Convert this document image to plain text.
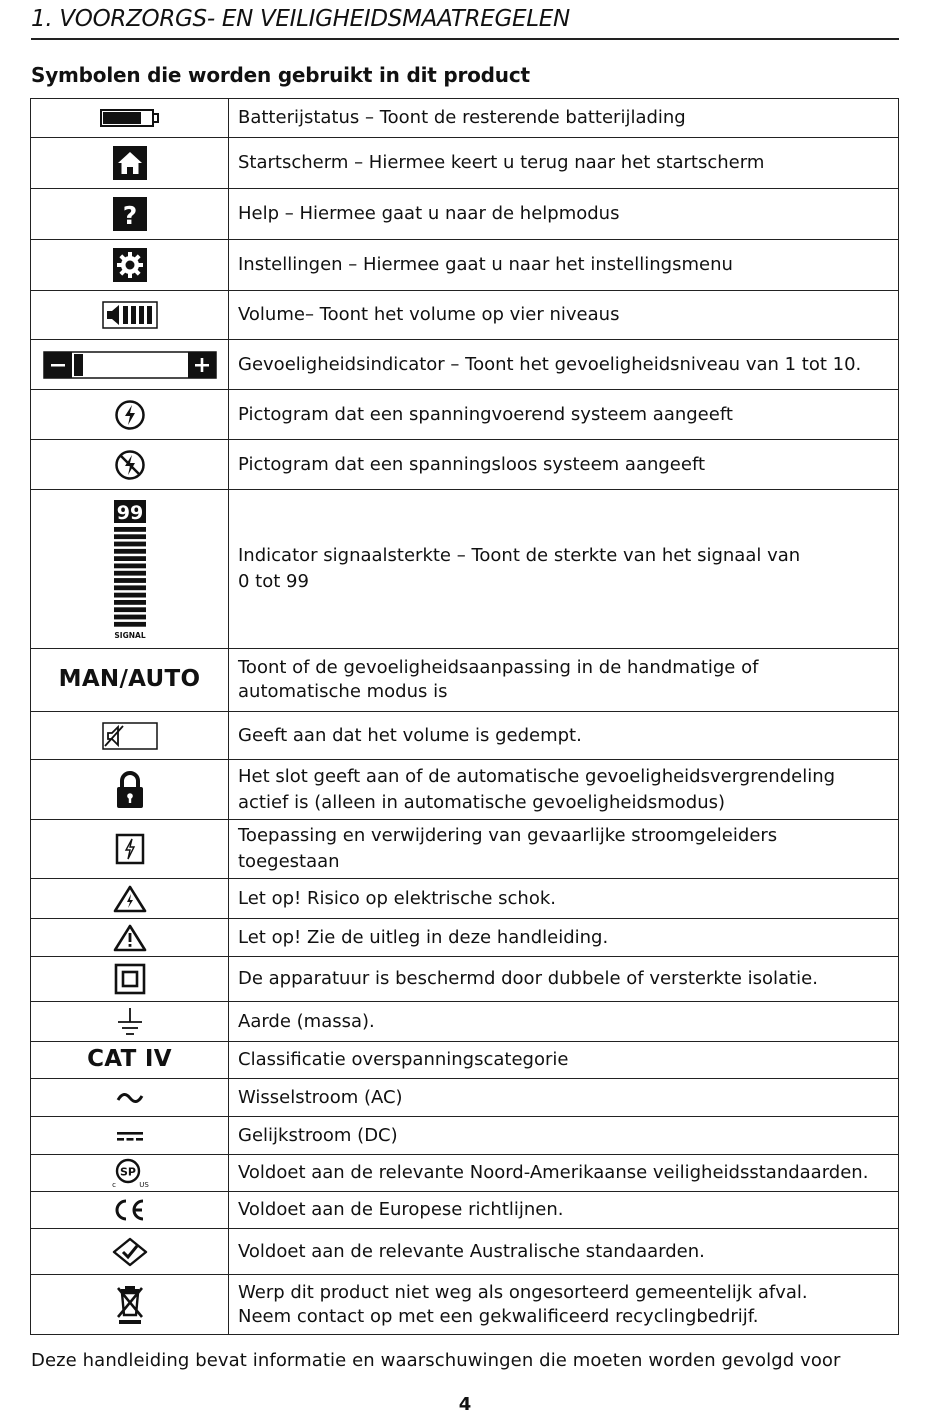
1. VOORZORGS- EN VEILIGHEIDSMAATREGELEN
Symbolen die worden gebruikt in dit product

Batterijstatus – Toont de resterende batterijlading

Startscherm – Hiermee keert u terug naar het startscherm

?	Help – Hiermee gaat u naar de helpmodus

Instellingen – Hiermee gaat u naar het instellingsmenu

Volume– Toont het volume op vier niveaus

Gevoeligheidsindicator – Toont het gevoeligheidsniveau van 1 tot 10.

Pictogram dat een spanningvoerend systeem aangeeft

Pictogram dat een spanningsloos systeem aangeeft

99
SIGNAL	Indicator signaalsterkte – Toont de sterkte van het signaal van
0 tot 99

MAN/AUTO	Toont of de gevoeligheidsaanpassing in de handmatige of
automatische modus is

Geeft aan dat het volume is gedempt.

Het slot geeft aan of de automatische gevoeligheidsvergrendeling
actief is (alleen in automatische gevoeligheidsmodus)

Toepassing en verwijdering van gevaarlijke stroomgeleiders
toegestaan

Let op! Risico op elektrische schok.

Let op! Zie de uitleg in deze handleiding.

De apparatuur is beschermd door dubbele of versterkte isolatie.

Aarde (massa).

CAT IV	Classificatie overspanningscategorie

Wisselstroom (AC)

Gelijkstroom (DC)

SP
c US	Voldoet aan de relevante Noord-Amerikaanse veiligheidsstandaarden.

Voldoet aan de Europese richtlijnen.

Voldoet aan de relevante Australische standaarden.

Werp dit product niet weg als ongesorteerd gemeentelijk afval.
Neem contact op met een gekwalificeerd recyclingbedrijf.
Deze handleiding bevat informatie en waarschuwingen die moeten worden gevolgd voor
4
